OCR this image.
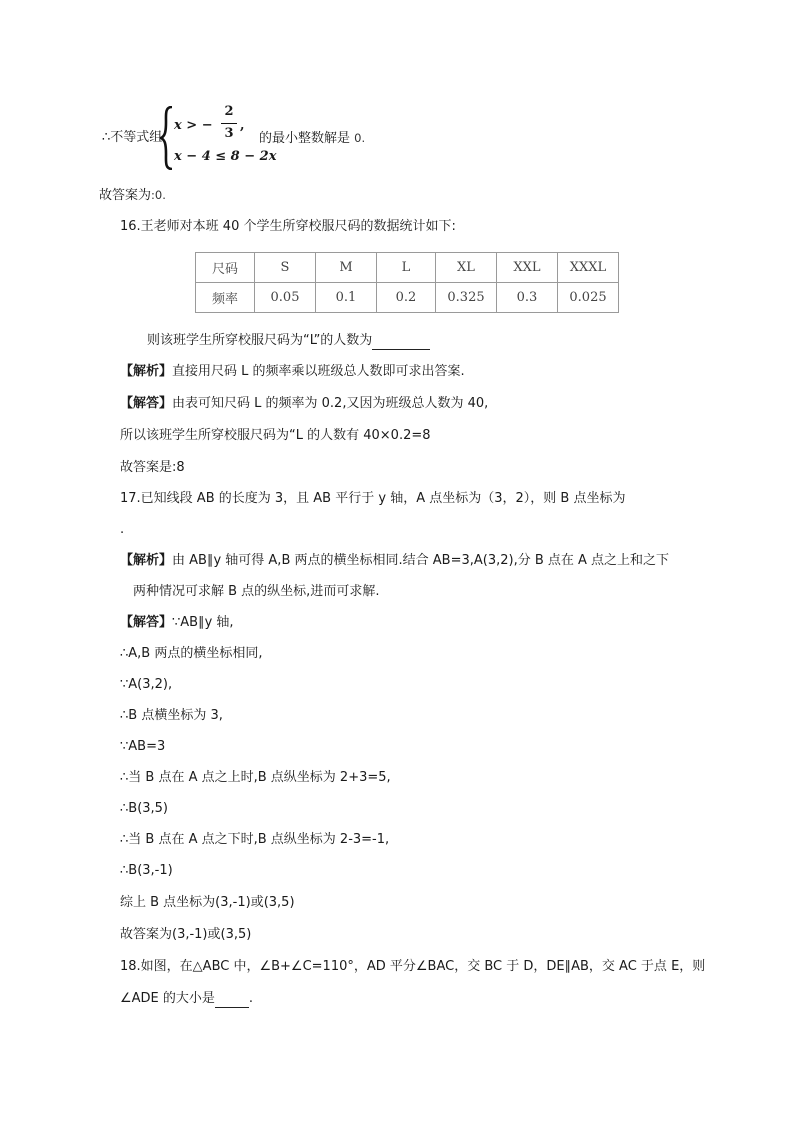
∴不等式组
x > −
2
3
,
x − 4 ≤ 8 − 2x
的最小整数解是 0.
故答案为:0.
16.王老师对本班 40 个学生所穿校服尺码的数据统计如下:
尺码	S	M	L	XL	XXL	XXXL
频率	0.05	0.1	0.2	0.325	0.3	0.025
则该班学生所穿校服尺码为“L”的人数为
【解析】直接用尺码 L 的频率乘以班级总人数即可求出答案.
【解答】由表可知尺码 L 的频率为 0.2,又因为班级总人数为 40,
所以该班学生所穿校服尺码为“L 的人数有 40×0.2=8
故答案是:8
17.已知线段 AB 的长度为 3，且 AB 平行于 y 轴，A 点坐标为（3，2），则 B 点坐标为
.
【解析】由 AB∥y 轴可得 A,B 两点的横坐标相同.结合 AB=3,A(3,2),分 B 点在 A 点之上和之下
两种情况可求解 B 点的纵坐标,进而可求解.
【解答】∵AB∥y 轴,
∴A,B 两点的横坐标相同,
∵A(3,2),
∴B 点横坐标为 3,
∵AB=3
∴当 B 点在 A 点之上时,B 点纵坐标为 2+3=5,
∴B(3,5)
∴当 B 点在 A 点之下时,B 点纵坐标为 2-3=-1,
∴B(3,-1)
综上 B 点坐标为(3,-1)或(3,5)
故答案为(3,-1)或(3,5)
18.如图，在△ABC 中，∠B+∠C=110°，AD 平分∠BAC，交 BC 于 D，DE∥AB，交 AC 于点 E，则
∠ADE 的大小是	.
